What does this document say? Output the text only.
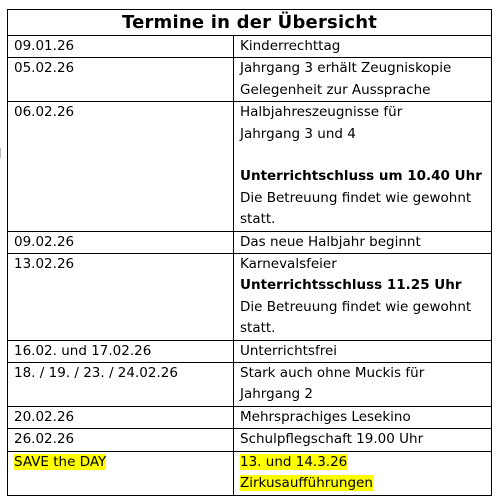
Termine in der Übersicht	
09.01.26	Kinderrechttag

05.02.26	Jahrgang 3 erhält Zeugniskopie
Gelegenheit zur Aussprache

06.02.26	Halbjahreszeugnisse für
Jahrgang 3 und 4
Unterrichtschluss um 10.40 Uhr
Die Betreuung findet wie gewohnt
statt.

09.02.26	Das neue Halbjahr beginnt

13.02.26	Karnevalsfeier
Unterrichtsschluss 11.25 Uhr
Die Betreuung findet wie gewohnt
statt.

16.02. und 17.02.26	Unterrichtsfrei

18. / 19. / 23. / 24.02.26	Stark auch ohne Muckis für
Jahrgang 2

20.02.26	Mehrsprachiges Lesekino

26.02.26	Schulpflegschaft 19.00 Uhr

SAVE the DAY	13. und 14.3.26
Zirkusaufführungen
